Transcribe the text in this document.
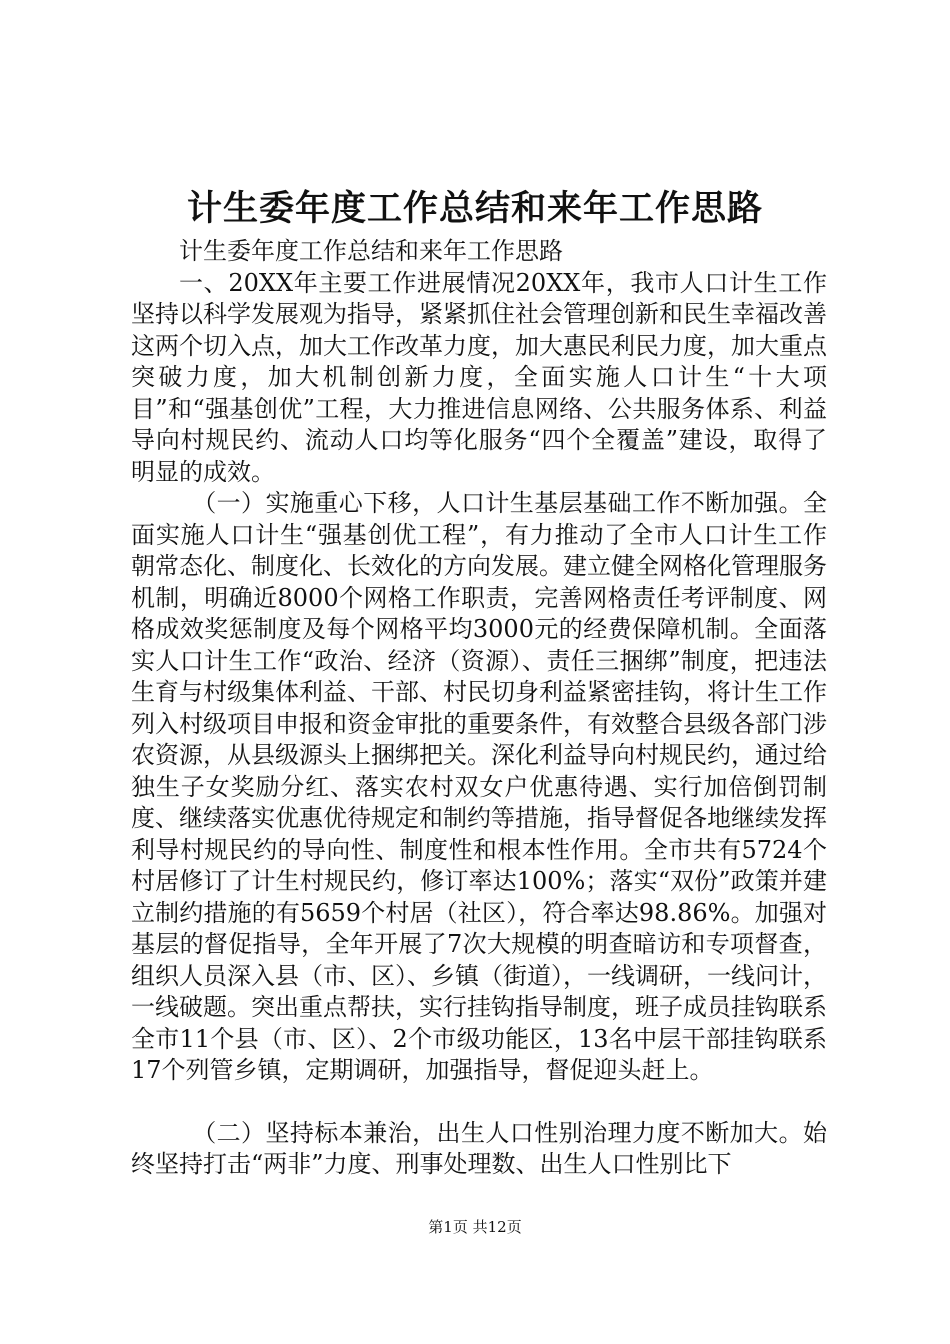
计生委年度工作总结和来年工作思路

计生委年度工作总结和来年工作思路

一、20XX年主要工作进展情况20XX年，我市人口计生工作坚持以科学发展观为指导，紧紧抓住社会管理创新和民生幸福改善这两个切入点，加大工作改革力度，加大惠民利民力度，加大重点突破力度，加大机制创新力度，全面实施人口计生“十大项目”和“强基创优”工程，大力推进信息网络、公共服务体系、利益导向村规民约、流动人口均等化服务“四个全覆盖”建设，取得了明显的成效。

（一）实施重心下移，人口计生基层基础工作不断加强。全面实施人口计生“强基创优工程”，有力推动了全市人口计生工作朝常态化、制度化、长效化的方向发展。建立健全网格化管理服务机制，明确近8000个网格工作职责，完善网格责任考评制度、网格成效奖惩制度及每个网格平均3000元的经费保障机制。全面落实人口计生工作“政治、经济（资源）、责任三捆绑”制度，把违法生育与村级集体利益、干部、村民切身利益紧密挂钩，将计生工作列入村级项目申报和资金审批的重要条件，有效整合县级各部门涉农资源，从县级源头上捆绑把关。深化利益导向村规民约，通过给独生子女奖励分红、落实农村双女户优惠待遇、实行加倍倒罚制度、继续落实优惠优待规定和制约等措施，指导督促各地继续发挥利导村规民约的导向性、制度性和根本性作用。全市共有5724个村居修订了计生村规民约，修订率达100%；落实“双份”政策并建立制约措施的有5659个村居（社区），符合率达98.86%。加强对基层的督促指导，全年开展了7次大规模的明查暗访和专项督查，组织人员深入县（市、区）、乡镇（街道），一线调研，一线问计，一线破题。突出重点帮扶，实行挂钩指导制度，班子成员挂钩联系全市11个县（市、区）、2个市级功能区，13名中层干部挂钩联系17个列管乡镇，定期调研，加强指导，督促迎头赶上。

（二）坚持标本兼治，出生人口性别治理力度不断加大。始终坚持打击“两非”力度、刑事处理数、出生人口性别比下

第1页 共12页
